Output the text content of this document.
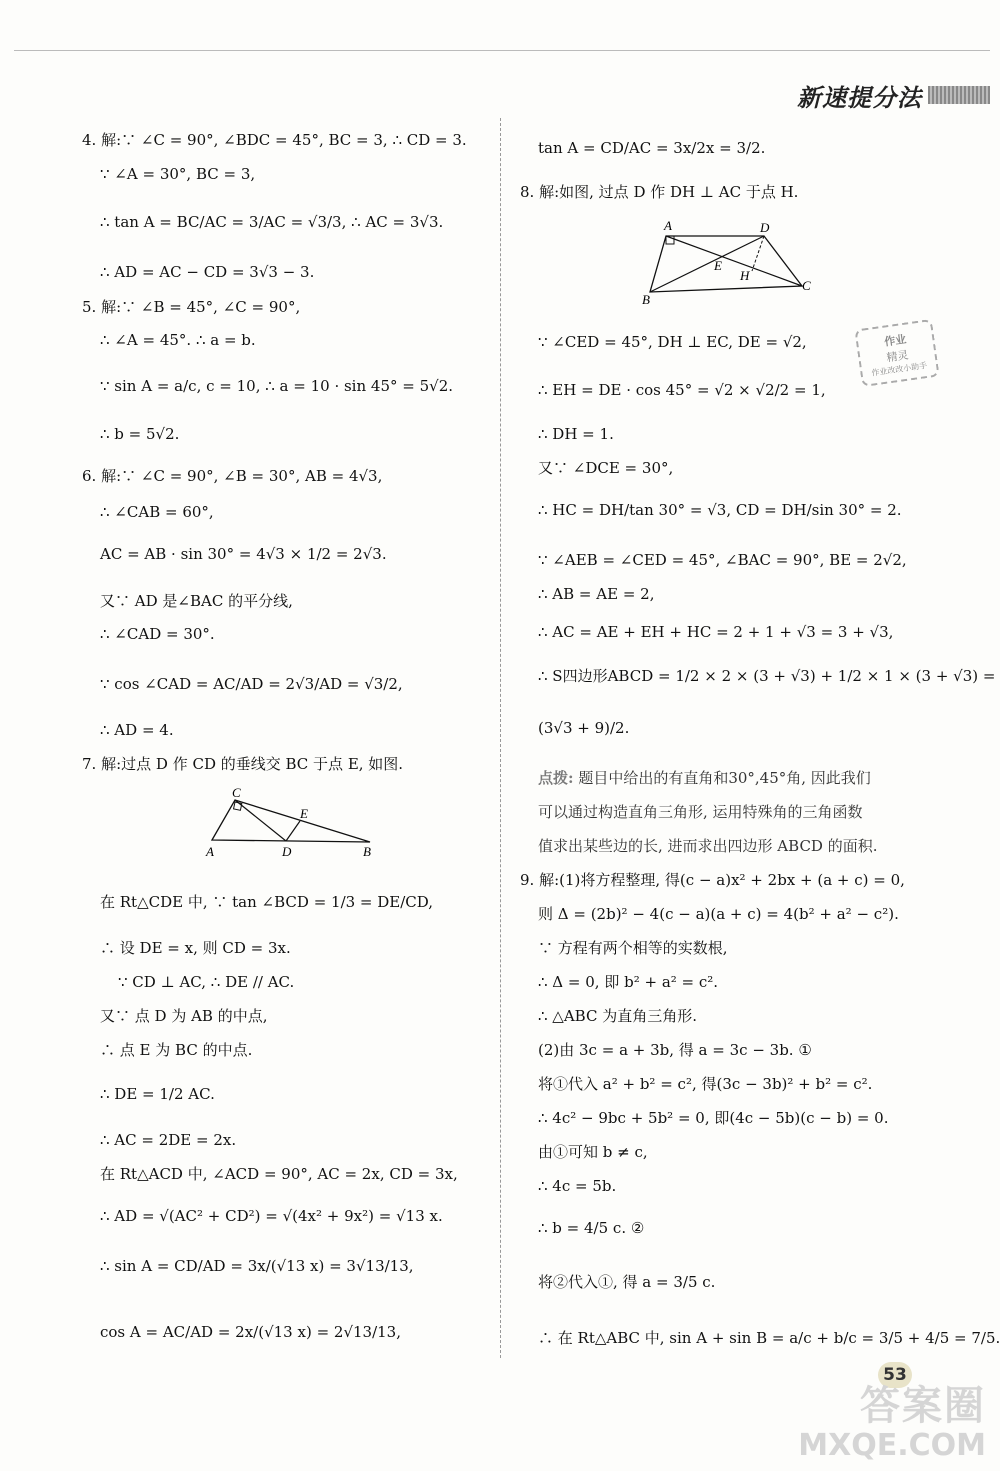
新速提分法
4. 解:∵ ∠C = 90°, ∠BDC = 45°, BC = 3, ∴ CD = 3.
∵ ∠A = 30°, BC = 3,
∴ tan A = BC/AC = 3/AC = √3/3, ∴ AC = 3√3.
∴ AD = AC − CD = 3√3 − 3.
5. 解:∵ ∠B = 45°, ∠C = 90°,
∴ ∠A = 45°. ∴ a = b.
∵ sin A = a/c, c = 10, ∴ a = 10 · sin 45° = 5√2.
∴ b = 5√2.
6. 解:∵ ∠C = 90°, ∠B = 30°, AB = 4√3,
∴ ∠CAB = 60°,
AC = AB · sin 30° = 4√3 × 1/2 = 2√3.
又∵ AD 是∠BAC 的平分线,
∴ ∠CAD = 30°.
∵ cos ∠CAD = AC/AD = 2√3/AD = √3/2,
∴ AD = 4.
7. 解:过点 D 作 CD 的垂线交 BC 于点 E, 如图.
C
E
A	D	B
在 Rt△CDE 中, ∵ tan ∠BCD = 1/3 = DE/CD,
∴ 设 DE = x, 则 CD = 3x.
∵ CD ⊥ AC, ∴ DE // AC.
又∵ 点 D 为 AB 的中点,
∴ 点 E 为 BC 的中点.
∴ DE = 1/2 AC.
∴ AC = 2DE = 2x.
在 Rt△ACD 中, ∠ACD = 90°, AC = 2x, CD = 3x,
∴ AD = √(AC² + CD²) = √(4x² + 9x²) = √13 x.
∴ sin A = CD/AD = 3x/(√13 x) = 3√13/13,
cos A = AC/AD = 2x/(√13 x) = 2√13/13,
tan A = CD/AC = 3x/2x = 3/2.
8. 解:如图, 过点 D 作 DH ⊥ AC 于点 H.
A	D
E
H
B
C
∵ ∠CED = 45°, DH ⊥ EC, DE = √2,
∴ EH = DE · cos 45° = √2 × √2/2 = 1,
∴ DH = 1.
又∵ ∠DCE = 30°,
∴ HC = DH/tan 30° = √3, CD = DH/sin 30° = 2.
∵ ∠AEB = ∠CED = 45°, ∠BAC = 90°, BE = 2√2,
∴ AB = AE = 2,
∴ AC = AE + EH + HC = 2 + 1 + √3 = 3 + √3,
∴ S四边形ABCD = 1/2 × 2 × (3 + √3) + 1/2 × 1 × (3 + √3) =
(3√3 + 9)/2.
点拨: 题目中给出的有直角和30°,45°角, 因此我们
可以通过构造直角三角形, 运用特殊角的三角函数
值求出某些边的长, 进而求出四边形 ABCD 的面积.
9. 解:(1)将方程整理, 得(c − a)x² + 2bx + (a + c) = 0,
则 Δ = (2b)² − 4(c − a)(a + c) = 4(b² + a² − c²).
∵ 方程有两个相等的实数根,
∴ Δ = 0, 即 b² + a² = c².
∴ △ABC 为直角三角形.
(2)由 3c = a + 3b, 得 a = 3c − 3b. ①
将①代入 a² + b² = c², 得(3c − 3b)² + b² = c².
∴ 4c² − 9bc + 5b² = 0, 即(4c − 5b)(c − b) = 0.
由①可知 b ≠ c,
∴ 4c = 5b.
∴ b = 4/5 c. ②
将②代入①, 得 a = 3/5 c.
∴ 在 Rt△ABC 中, sin A + sin B = a/c + b/c = 3/5 + 4/5 = 7/5.
作业
精灵
作业改改小助手
53
答案圈
MXQE.COM
